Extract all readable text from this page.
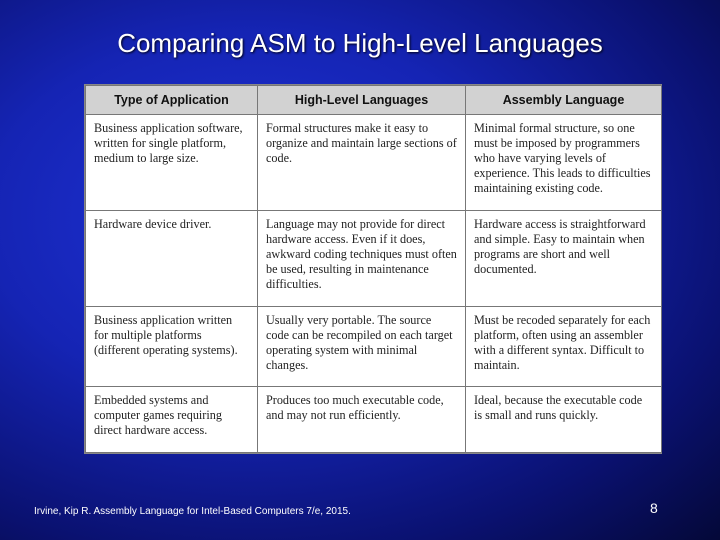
Comparing ASM to High-Level Languages
Type of Application	High-Level Languages	Assembly Language
Business application software, written for single platform, medium to large size.	Formal structures make it easy to organize and maintain large sections of code.	Minimal formal structure, so one must be imposed by programmers who have varying levels of experience. This leads to difficulties maintaining existing code.
Hardware device driver.	Language may not provide for direct hardware access. Even if it does, awkward coding techniques must often be used, resulting in maintenance difficulties.	Hardware access is straightforward and simple. Easy to maintain when programs are short and well documented.
Business application written for multiple platforms (different operating systems).	Usually very portable. The source code can be recompiled on each target operating system with minimal changes.	Must be recoded separately for each platform, often using an assembler with a different syntax. Difficult to maintain.
Embedded systems and computer games requiring direct hardware access.	Produces too much executable code, and may not run efficiently.	Ideal, because the executable code is small and runs quickly.
Irvine, Kip R. Assembly Language for Intel-Based Computers 7/e, 2015.	8
